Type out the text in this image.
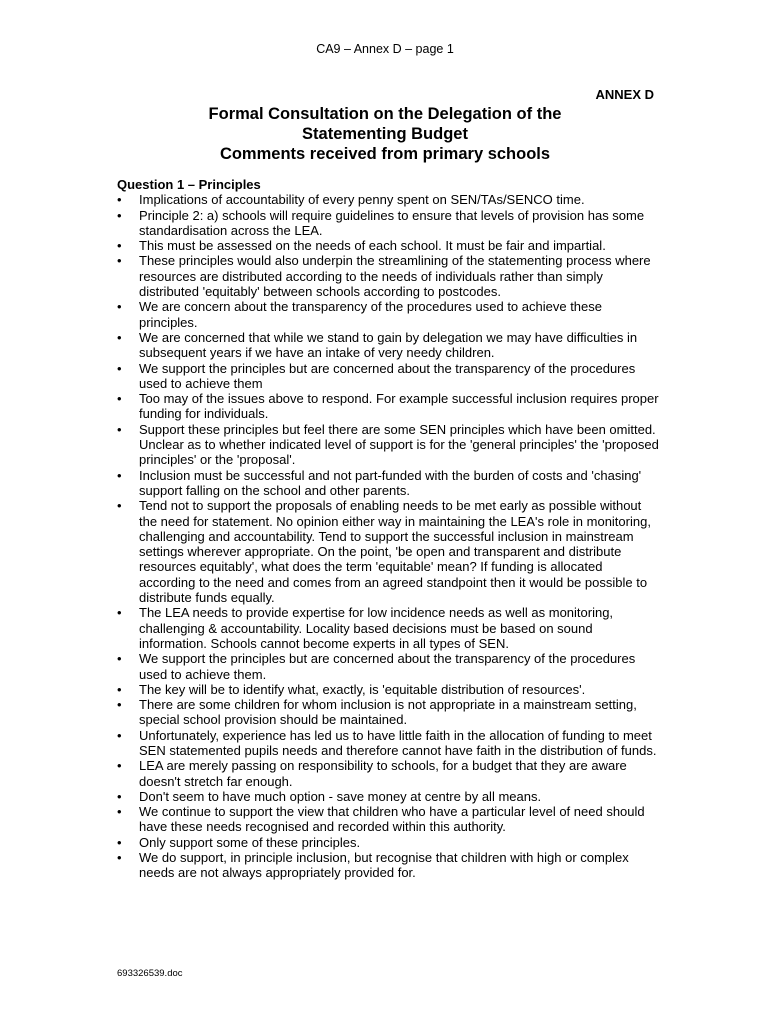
CA9 – Annex D – page 1
ANNEX D
Formal Consultation on the Delegation of the
Statementing Budget
Comments received from primary schools
Question 1 – Principles
• Implications of accountability of every penny spent on SEN/TAs/SENCO time.
• Principle 2: a) schools will require guidelines to ensure that levels of provision has some standardisation across the LEA.
• This must be assessed on the needs of each school. It must be fair and impartial.
• These principles would also underpin the streamlining of the statementing process where resources are distributed according to the needs of individuals rather than simply distributed 'equitably' between schools according to postcodes.
• We are concern about the transparency of the procedures used to achieve these principles.
• We are concerned that while we stand to gain by delegation we may have difficulties in subsequent years if we have an intake of very needy children.
• We support the principles but are concerned about the transparency of the procedures used to achieve them
• Too may of the issues above to respond. For example successful inclusion requires proper funding for individuals.
• Support these principles but feel there are some SEN principles which have been omitted. Unclear as to whether indicated level of support is for the 'general principles' the 'proposed principles' or the 'proposal'.
• Inclusion must be successful and not part-funded with the burden of costs and 'chasing' support falling on the school and other parents.
• Tend not to support the proposals of enabling needs to be met early as possible without the need for statement. No opinion either way in maintaining the LEA's role in monitoring, challenging and accountability. Tend to support the successful inclusion in mainstream settings wherever appropriate. On the point, 'be open and transparent and distribute resources equitably', what does the term 'equitable' mean? If funding is allocated according to the need and comes from an agreed standpoint then it would be possible to distribute funds equally.
• The LEA needs to provide expertise for low incidence needs as well as monitoring, challenging & accountability. Locality based decisions must be based on sound information. Schools cannot become experts in all types of SEN.
• We support the principles but are concerned about the transparency of the procedures used to achieve them.
• The key will be to identify what, exactly, is 'equitable distribution of resources'.
• There are some children for whom inclusion is not appropriate in a mainstream setting, special school provision should be maintained.
• Unfortunately, experience has led us to have little faith in the allocation of funding to meet SEN statemented pupils needs and therefore cannot have faith in the distribution of funds.
• LEA are merely passing on responsibility to schools, for a budget that they are aware doesn't stretch far enough.
• Don't seem to have much option - save money at centre by all means.
• We continue to support the view that children who have a particular level of need should have these needs recognised and recorded within this authority.
• Only support some of these principles.
• We do support, in principle inclusion, but recognise that children with high or complex needs are not always appropriately provided for.
693326539.doc
